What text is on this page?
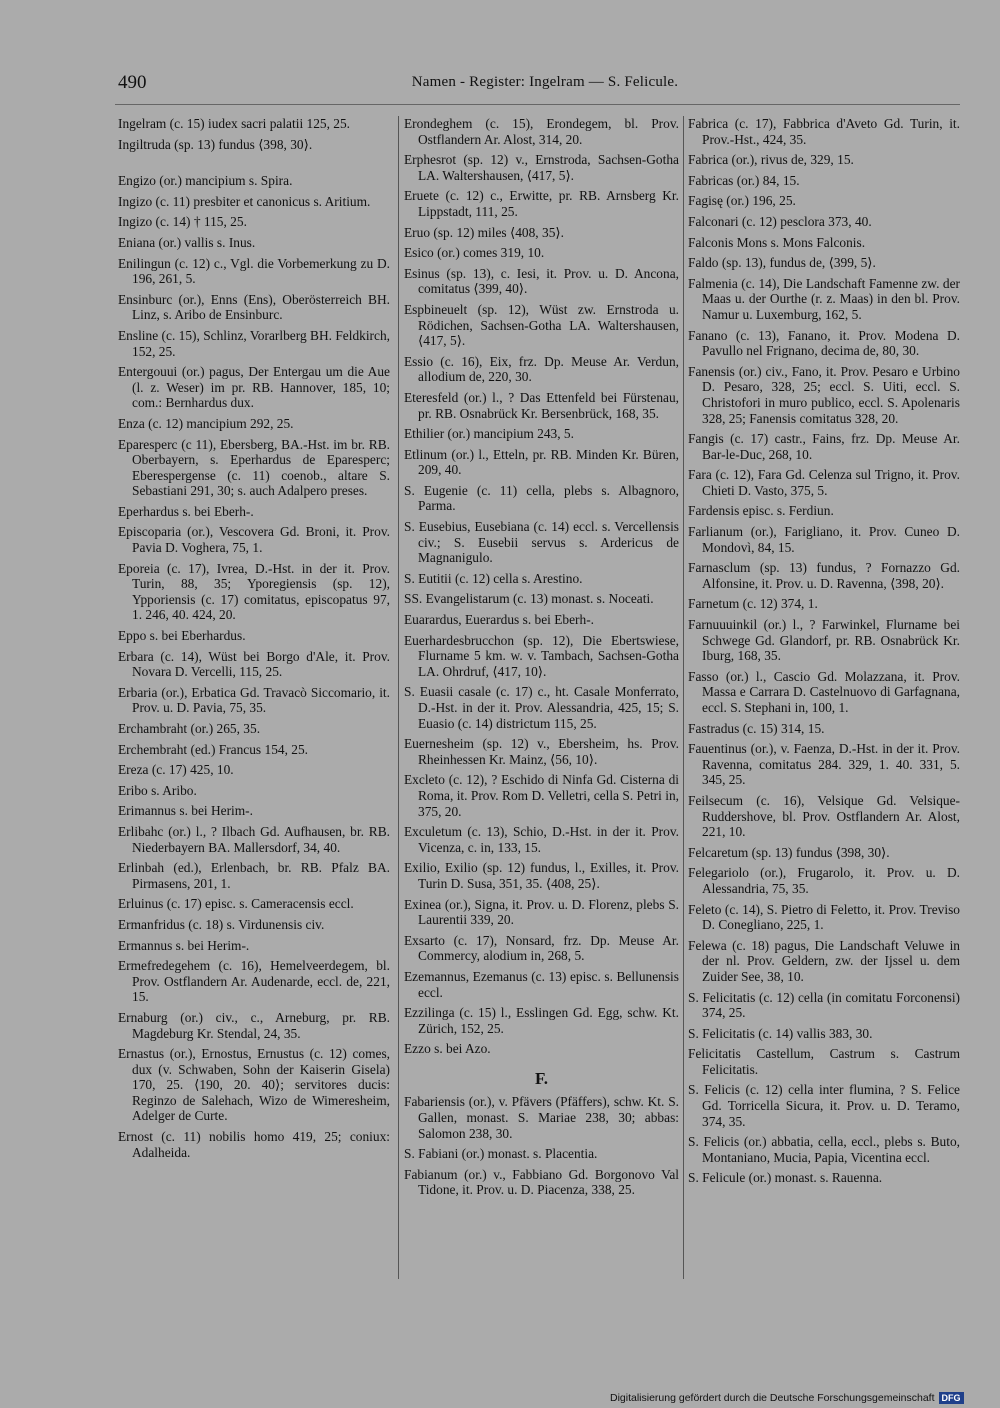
490	Namen - Register: Ingelram — S. Felicule.
Ingelram (c. 15) iudex sacri palatii 125, 25.
Ingiltruda (sp. 13) fundus ⟨398, 30⟩.
Engizo (or.) mancipium s. Spira.
Ingizo (c. 11) presbiter et canonicus s. Aritium.
Ingizo (c. 14) † 115, 25.
Eniana (or.) vallis s. Inus.
Enilingun (c. 12) c., Vgl. die Vorbemerkung zu D. 196, 261, 5.
Ensinburc (or.), Enns (Ens), Oberösterreich BH. Linz, s. Aribo de Ensinburc.
Ensline (c. 15), Schlinz, Vorarlberg BH. Feldkirch, 152, 25.
Entergouui (or.) pagus, Der Entergau um die Aue (l. z. Weser) im pr. RB. Hannover, 185, 10; com.: Bernhardus dux.
Enza (c. 12) mancipium 292, 25.
Eparesperc (c 11), Ebersberg, BA.-Hst. im br. RB. Oberbayern, s. Eperhardus de Eparesperc; Eberespergense (c. 11) coenob., altare S. Sebastiani 291, 30; s. auch Adalpero preses.
Eperhardus s. bei Eberh-.
Episcoparia (or.), Vescovera Gd. Broni, it. Prov. Pavia D. Voghera, 75, 1.
Eporeia (c. 17), Ivrea, D.-Hst. in der it. Prov. Turin, 88, 35; Yporegiensis (sp. 12), Ypporiensis (c. 17) comitatus, episcopatus 97, 1. 246, 40. 424, 20.
Eppo s. bei Eberhardus.
Erbara (c. 14), Wüst bei Borgo d'Ale, it. Prov. Novara D. Vercelli, 115, 25.
Erbaria (or.), Erbatica Gd. Travacò Siccomario, it. Prov. u. D. Pavia, 75, 35.
Erchambraht (or.) 265, 35.
Erchembraht (ed.) Francus 154, 25.
Ereza (c. 17) 425, 10.
Eribo s. Aribo.
Erimannus s. bei Herim-.
Erlibahc (or.) l., ? Ilbach Gd. Aufhausen, br. RB. Niederbayern BA. Mallersdorf, 34, 40.
Erlinbah (ed.), Erlenbach, br. RB. Pfalz BA. Pirmasens, 201, 1.
Erluinus (c. 17) episc. s. Cameracensis eccl.
Ermanfridus (c. 18) s. Virdunensis civ.
Ermannus s. bei Herim-.
Ermefredegehem (c. 16), Hemelveerdegem, bl. Prov. Ostflandern Ar. Audenarde, eccl. de, 221, 15.
Ernaburg (or.) civ., c., Arneburg, pr. RB. Magdeburg Kr. Stendal, 24, 35.
Ernastus (or.), Ernostus, Ernustus (c. 12) comes, dux (v. Schwaben, Sohn der Kaiserin Gisela) 170, 25. ⟨190, 20. 40⟩; servitores ducis: Reginzo de Salehach, Wizo de Wimeresheim, Adelger de Curte.
Ernost (c. 11) nobilis homo 419, 25; coniux: Adalheida.
Erondeghem (c. 15), Erondegem, bl. Prov. Ostflandern Ar. Alost, 314, 20.
Erphesrot (sp. 12) v., Ernstroda, Sachsen-Gotha LA. Waltershausen, ⟨417, 5⟩.
Eruete (c. 12) c., Erwitte, pr. RB. Arnsberg Kr. Lippstadt, 111, 25.
Eruo (sp. 12) miles ⟨408, 35⟩.
Esico (or.) comes 319, 10.
Esinus (sp. 13), c. Iesi, it. Prov. u. D. Ancona, comitatus ⟨399, 40⟩.
Espbineuelt (sp. 12), Wüst zw. Ernstroda u. Rödichen, Sachsen-Gotha LA. Waltershausen, ⟨417, 5⟩.
Essio (c. 16), Eix, frz. Dp. Meuse Ar. Verdun, allodium de, 220, 30.
Eteresfeld (or.) l., ? Das Ettenfeld bei Fürstenau, pr. RB. Osnabrück Kr. Bersenbrück, 168, 35.
Ethilier (or.) mancipium 243, 5.
Etlinum (or.) l., Etteln, pr. RB. Minden Kr. Büren, 209, 40.
S. Eugenie (c. 11) cella, plebs s. Albagnoro, Parma.
S. Eusebius, Eusebiana (c. 14) eccl. s. Vercellensis civ.; S. Eusebii servus s. Ardericus de Magnanigulo.
S. Eutitii (c. 12) cella s. Arestino.
SS. Evangelistarum (c. 13) monast. s. Noceati.
Euarardus, Euerardus s. bei Eberh-.
Euerhardesbrucchon (sp. 12), Die Ebertswiese, Flurname 5 km. w. v. Tambach, Sachsen-Gotha LA. Ohrdruf, ⟨417, 10⟩.
S. Euasii casale (c. 17) c., ht. Casale Monferrato, D.-Hst. in der it. Prov. Alessandria, 425, 15; S. Euasio (c. 14) districtum 115, 25.
Euernesheim (sp. 12) v., Ebersheim, hs. Prov. Rheinhessen Kr. Mainz, ⟨56, 10⟩.
Excleto (c. 12), ? Eschido di Ninfa Gd. Cisterna di Roma, it. Prov. Rom D. Velletri, cella S. Petri in, 375, 20.
Exculetum (c. 13), Schio, D.-Hst. in der it. Prov. Vicenza, c. in, 133, 15.
Exilio, Exilio (sp. 12) fundus, l., Exilles, it. Prov. Turin D. Susa, 351, 35. ⟨408, 25⟩.
Exinea (or.), Signa, it. Prov. u. D. Florenz, plebs S. Laurentii 339, 20.
Exsarto (c. 17), Nonsard, frz. Dp. Meuse Ar. Commercy, alodium in, 268, 5.
Ezemannus, Ezemanus (c. 13) episc. s. Bellunensis eccl.
Ezzilinga (c. 15) l., Esslingen Gd. Egg, schw. Kt. Zürich, 152, 25.
Ezzo s. bei Azo.
F.
Fabariensis (or.), v. Pfävers (Pfäffers), schw. Kt. S. Gallen, monast. S. Mariae 238, 30; abbas: Salomon 238, 30.
S. Fabiani (or.) monast. s. Placentia.
Fabianum (or.) v., Fabbiano Gd. Borgonovo Val Tidone, it. Prov. u. D. Piacenza, 338, 25.
Fabrica (c. 17), Fabbrica d'Aveto Gd. Turin, it. Prov.-Hst., 424, 35.
Fabrica (or.), rivus de, 329, 15.
Fabricas (or.) 84, 15.
Fagisę (or.) 196, 25.
Falconari (c. 12) pesclora 373, 40.
Falconis Mons s. Mons Falconis.
Faldo (sp. 13), fundus de, ⟨399, 5⟩.
Falmenia (c. 14), Die Landschaft Famenne zw. der Maas u. der Ourthe (r. z. Maas) in den bl. Prov. Namur u. Luxemburg, 162, 5.
Fanano (c. 13), Fanano, it. Prov. Modena D. Pavullo nel Frignano, decima de, 80, 30.
Fanensis (or.) civ., Fano, it. Prov. Pesaro e Urbino D. Pesaro, 328, 25; eccl. S. Uiti, eccl. S. Christofori in muro publico, eccl. S. Apolenaris 328, 25; Fanensis comitatus 328, 20.
Fangis (c. 17) castr., Fains, frz. Dp. Meuse Ar. Bar-le-Duc, 268, 10.
Fara (c. 12), Fara Gd. Celenza sul Trigno, it. Prov. Chieti D. Vasto, 375, 5.
Fardensis episc. s. Ferdiun.
Farlianum (or.), Farigliano, it. Prov. Cuneo D. Mondovì, 84, 15.
Farnasclum (sp. 13) fundus, ? Fornazzo Gd. Alfonsine, it. Prov. u. D. Ravenna, ⟨398, 20⟩.
Farnetum (c. 12) 374, 1.
Farnuuuinkil (or.) l., ? Farwinkel, Flurname bei Schwege Gd. Glandorf, pr. RB. Osnabrück Kr. Iburg, 168, 35.
Fasso (or.) l., Cascio Gd. Molazzana, it. Prov. Massa e Carrara D. Castelnuovo di Garfagnana, eccl. S. Stephani in, 100, 1.
Fastradus (c. 15) 314, 15.
Fauentinus (or.), v. Faenza, D.-Hst. in der it. Prov. Ravenna, comitatus 284. 329, 1. 40. 331, 5. 345, 25.
Feilsecum (c. 16), Velsique Gd. Velsique-Ruddershove, bl. Prov. Ostflandern Ar. Alost, 221, 10.
Felcaretum (sp. 13) fundus ⟨398, 30⟩.
Felegariolo (or.), Frugarolo, it. Prov. u. D. Alessandria, 75, 35.
Feleto (c. 14), S. Pietro di Feletto, it. Prov. Treviso D. Conegliano, 225, 1.
Felewa (c. 18) pagus, Die Landschaft Veluwe in der nl. Prov. Geldern, zw. der Ijssel u. dem Zuider See, 38, 10.
S. Felicitatis (c. 12) cella (in comitatu Forconensi) 374, 25.
S. Felicitatis (c. 14) vallis 383, 30.
Felicitatis Castellum, Castrum s. Castrum Felicitatis.
S. Felicis (c. 12) cella inter flumina, ? S. Felice Gd. Torricella Sicura, it. Prov. u. D. Teramo, 374, 35.
S. Felicis (or.) abbatia, cella, eccl., plebs s. Buto, Montaniano, Mucia, Papia, Vicentina eccl.
S. Felicule (or.) monast. s. Rauenna.
Digitalisierung gefördert durch die Deutsche Forschungsgemeinschaft DFG
